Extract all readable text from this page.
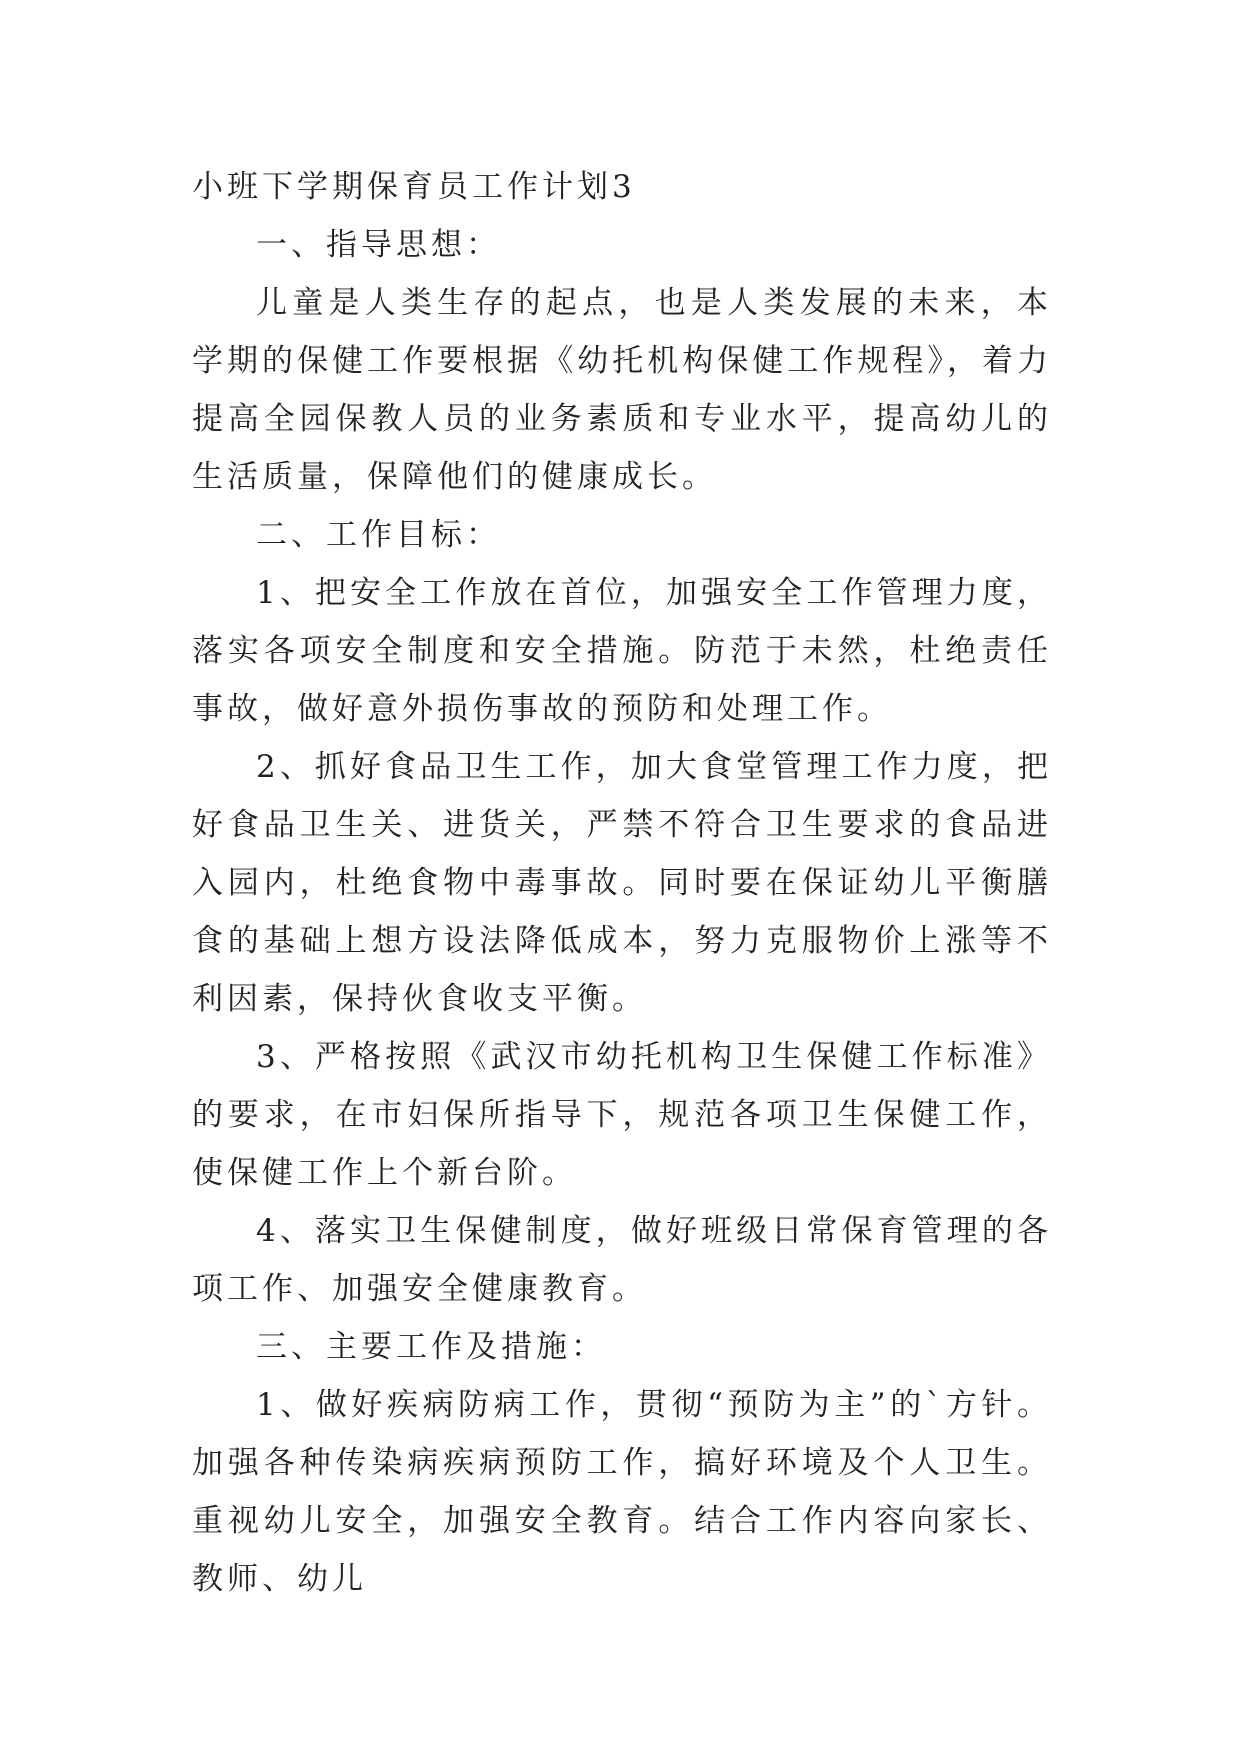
小班下学期保育员工作计划3

一、指导思想：

儿童是人类生存的起点，也是人类发展的未来，本学期的保健工作要根据《幼托机构保健工作规程》，着力提高全园保教人员的业务素质和专业水平，提高幼儿的生活质量，保障他们的健康成长。

二、工作目标：

1、把安全工作放在首位，加强安全工作管理力度，落实各项安全制度和安全措施。防范于未然，杜绝责任事故，做好意外损伤事故的预防和处理工作。

2、抓好食品卫生工作，加大食堂管理工作力度，把好食品卫生关、进货关，严禁不符合卫生要求的食品进入园内，杜绝食物中毒事故。同时要在保证幼儿平衡膳食的基础上想方设法降低成本，努力克服物价上涨等不利因素，保持伙食收支平衡。

3、严格按照《武汉市幼托机构卫生保健工作标准》的要求，在市妇保所指导下，规范各项卫生保健工作，使保健工作上个新台阶。

4、落实卫生保健制度，做好班级日常保育管理的各项工作、加强安全健康教育。

三、主要工作及措施：

1、做好疾病防病工作，贯彻“预防为主”的`方针。加强各种传染病疾病预防工作，搞好环境及个人卫生。重视幼儿安全，加强安全教育。结合工作内容向家长、教师、幼儿
